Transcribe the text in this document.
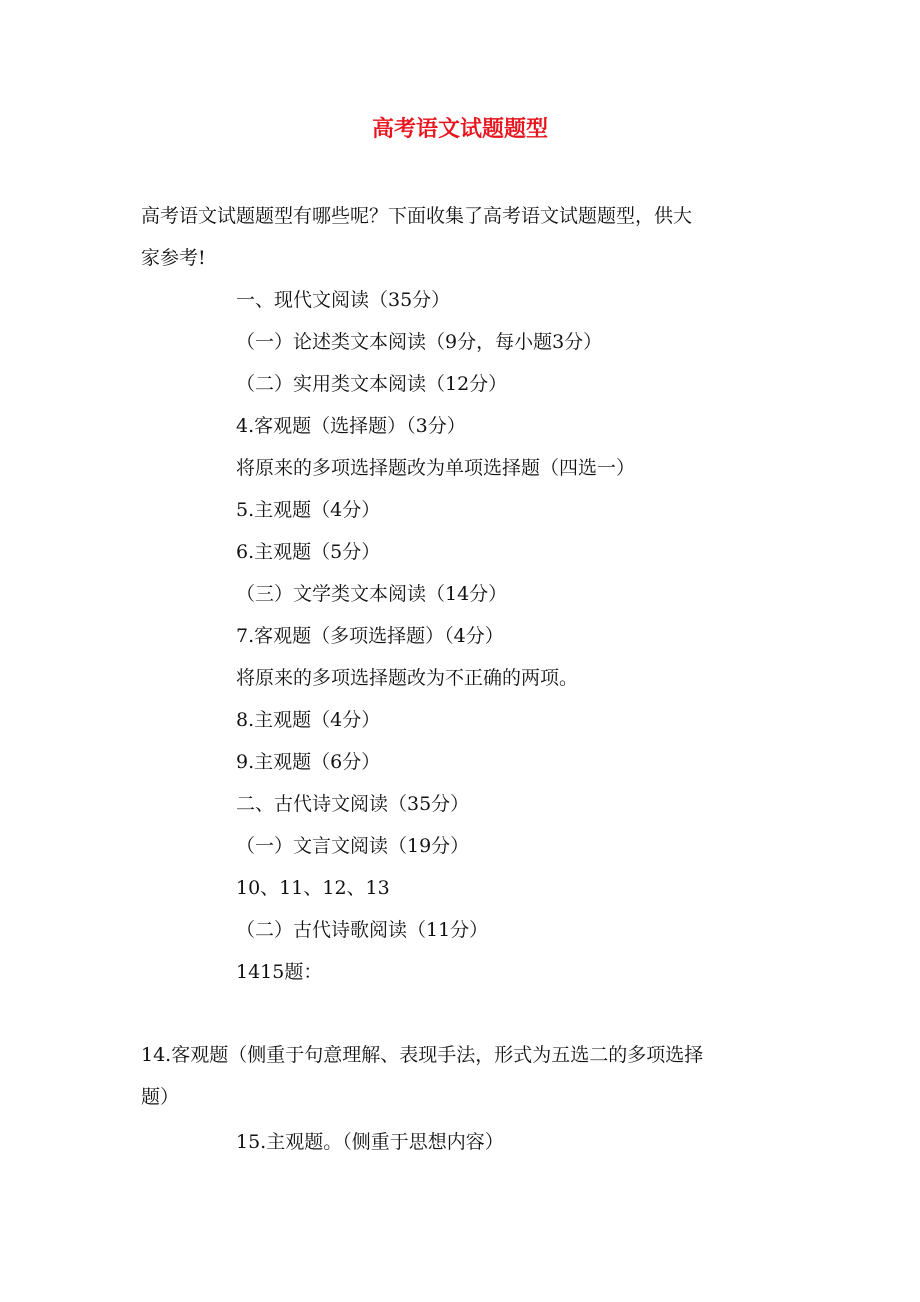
高考语文试题题型
高考语文试题题型有哪些呢？下面收集了高考语文试题题型，供大
家参考!
一、现代文阅读（35分）
（一）论述类文本阅读（9分，每小题3分）
（二）实用类文本阅读（12分）
4.客观题（选择题）（3分）
将原来的多项选择题改为单项选择题（四选一）
5.主观题（4分）
6.主观题（5分）
（三）文学类文本阅读（14分）
7.客观题（多项选择题）（4分）
将原来的多项选择题改为不正确的两项。
8.主观题（4分）
9.主观题（6分）
二、古代诗文阅读（35分）
（一）文言文阅读（19分）
10、11、12、13
（二）古代诗歌阅读（11分）
1415题：
14.客观题（侧重于句意理解、表现手法，形式为五选二的多项选择
题）
15.主观题。（侧重于思想内容）
